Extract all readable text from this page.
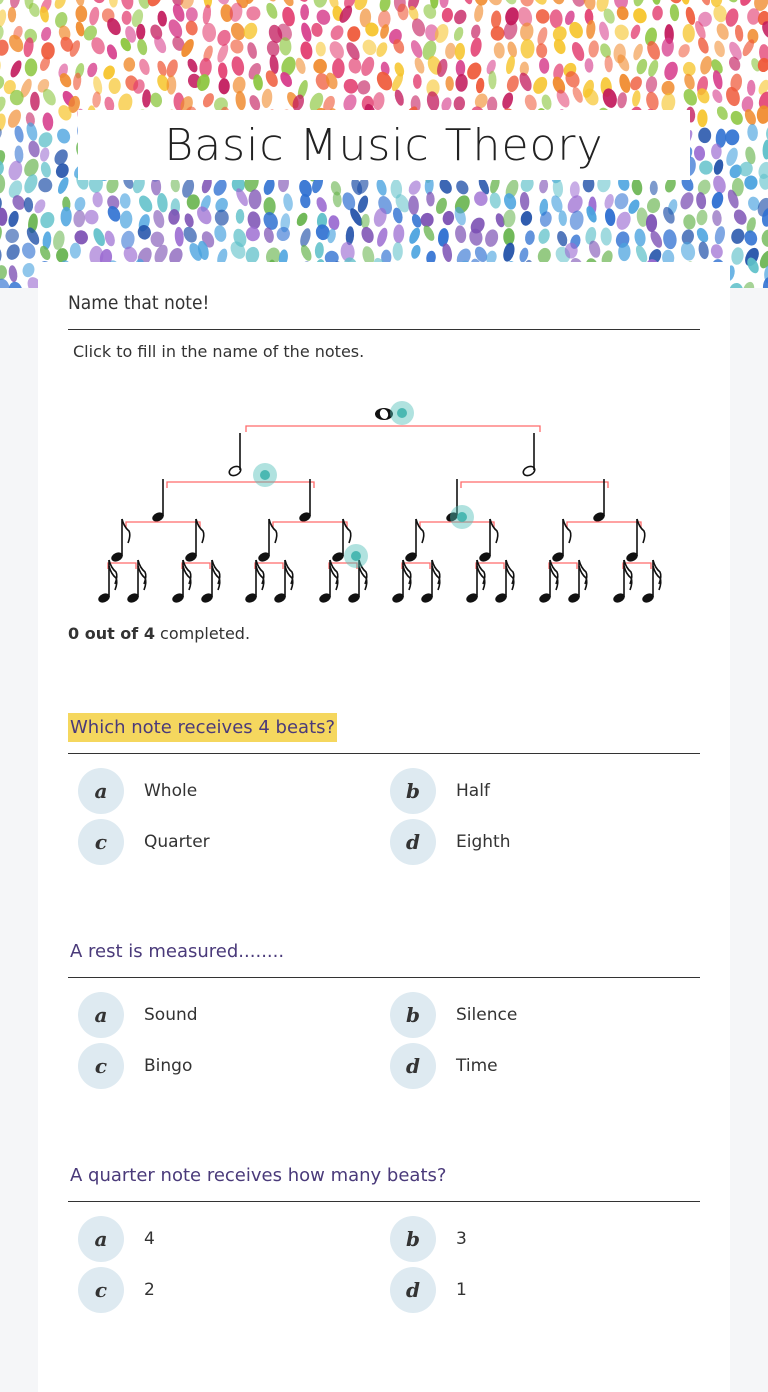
Basic Music Theory
Name that note!
Click to fill in the name of the notes.
0 out of 4 completed.
Which note receives 4 beats?
a	Whole	b	Half
c	Quarter	d	Eighth
A rest is measured........
a	Sound	b	Silence
c	Bingo	d	Time
A quarter note receives how many beats?
a	4	b	3
c	2	d	1
